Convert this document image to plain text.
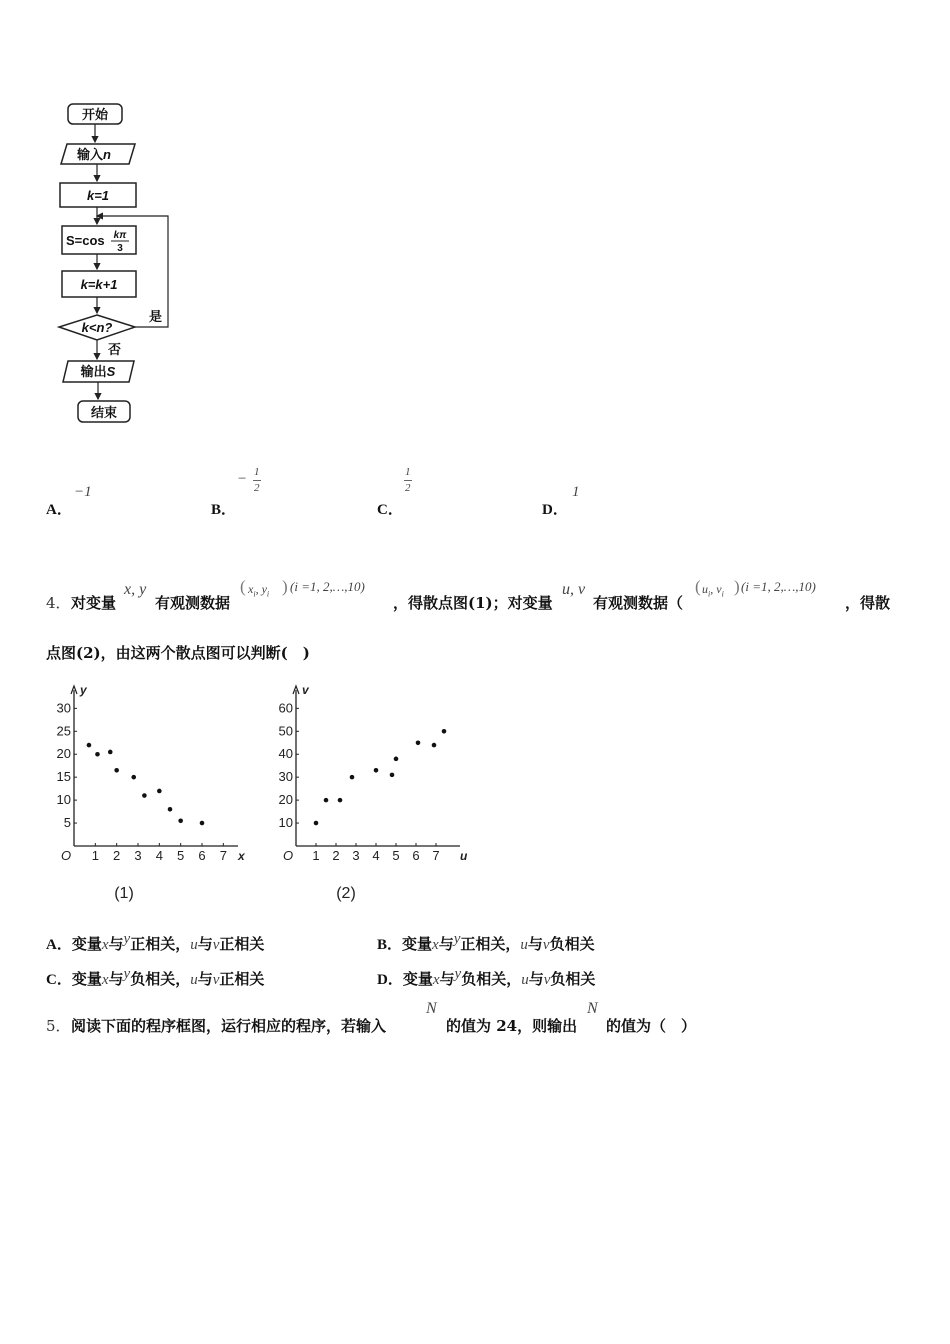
开始
输入n
k=1
S=cos kπ
3
k=k+1
k<n?
是
否
输出S
结束
A．
−1
B．
− 1
2
C．
1
2
D．
1
4． 对变量
x, y
有观测数据
( $x_i$, $y_i$ ) (i =1, 2,…,10)
，得散点图(1)；对变量
u, v
有观测数据（
( $u_i$, $v_i$ ) (i =1, 2,…,10)
，得散
点图(2)，由这两个散点图可以判断(　)
y
x
O 1 2 3 4 5 6 7
5
10
15
20
25
30
(1)
v
u
O 1 2 3 4 5 6 7
10
20
30
40
50
60
(2)
A．变量x与y正相关，u与v正相关	B．变量x与y正相关，u与v负相关
C．变量x与y负相关，u与v正相关	D．变量x与y负相关，u与v负相关
5． 阅读下面的程序框图，运行相应的程序，若输入
N
的值为 24，则输出
N
的值为（　）
